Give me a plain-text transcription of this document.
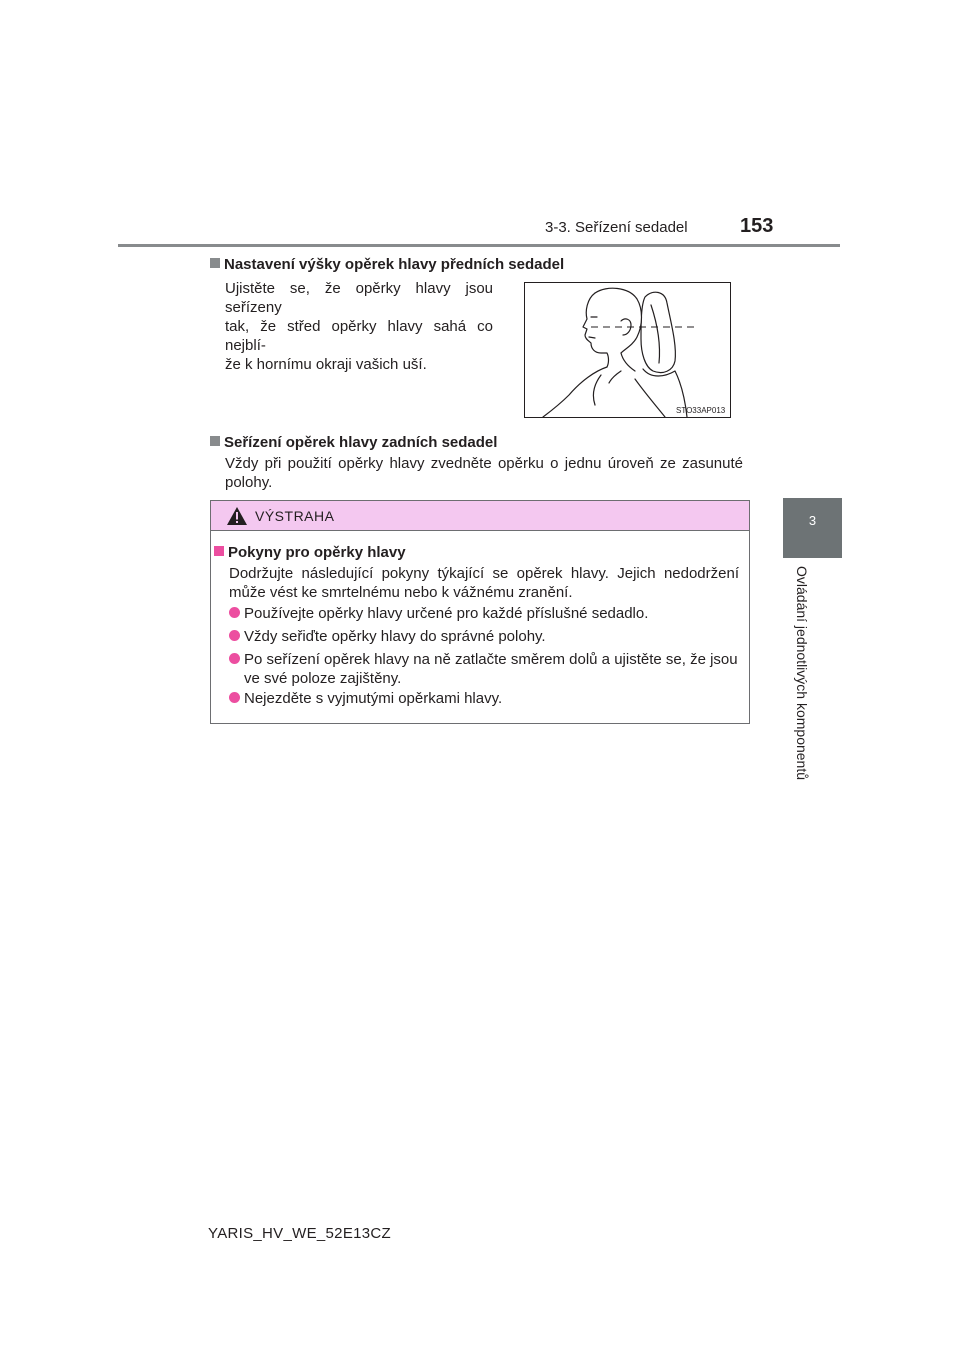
3-3. Seřízení sedadel	153
3
Ovládání jednotlivých komponentů
Nastavení výšky opěrek hlavy předních sedadel
Ujistěte se, že opěrky hlavy jsou seřízeny
tak, že střed opěrky hlavy sahá co nejblí-
že k hornímu okraji vašich uší.
STO33AP013
Seřízení opěrek hlavy zadních sedadel
Vždy při použití opěrky hlavy zvedněte opěrku o jednu úroveň ze zasunuté
polohy.
VÝSTRAHA
Pokyny pro opěrky hlavy
Dodržujte následující pokyny týkající se opěrek hlavy. Jejich nedodržení
může vést ke smrtelnému nebo k vážnému zranění.
Používejte opěrky hlavy určené pro každé příslušné sedadlo.
Vždy seřiďte opěrky hlavy do správné polohy.
Po seřízení opěrek hlavy na ně zatlačte směrem dolů a ujistěte se, že jsou
ve své poloze zajištěny.
Nejezděte s vyjmutými opěrkami hlavy.
YARIS_HV_WE_52E13CZ
